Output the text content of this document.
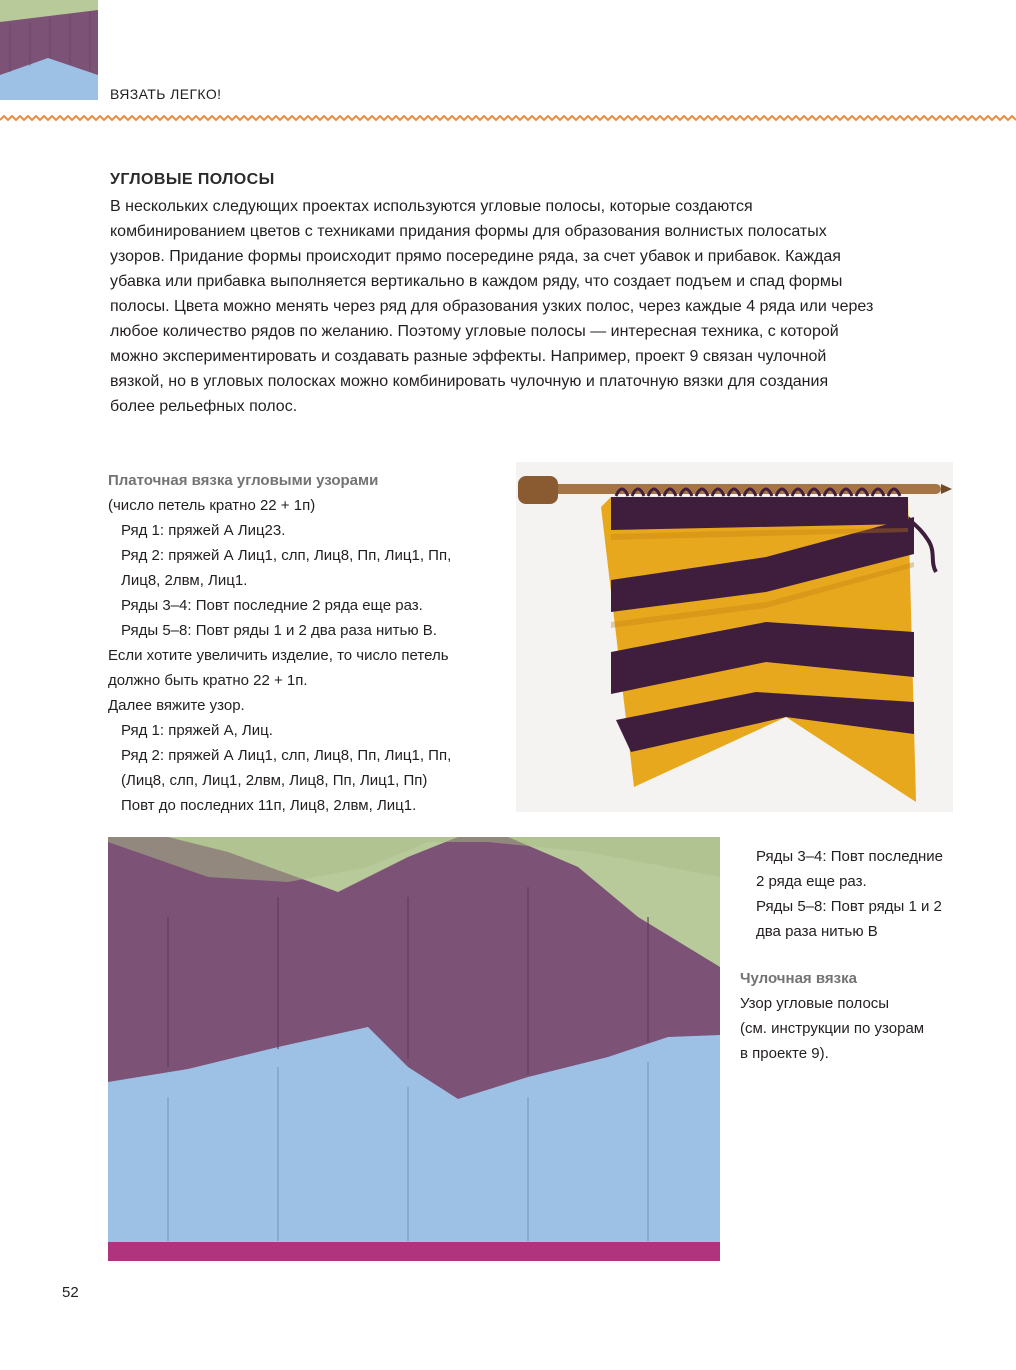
ВЯЗАТЬ ЛЕГКО!
УГЛОВЫЕ ПОЛОСЫ
В нескольких следующих проектах используются угловые полосы, которые создаются
комбинированием цветов с техниками придания формы для образования волнистых полосатых
узоров. Придание формы происходит прямо посередине ряда, за счет убавок и прибавок. Каждая
убавка или прибавка выполняется вертикально в каждом ряду, что создает подъем и спад формы
полосы. Цвета можно менять через ряд для образования узких полос, через каждые 4 ряда или через
любое количество рядов по желанию. Поэтому угловые полосы — интересная техника, с которой
можно экспериментировать и создавать разные эффекты. Например, проект 9 связан чулочной
вязкой, но в угловых полосках можно комбинировать чулочную и платочную вязки для создания
более рельефных полос.
Платочная вязка угловыми узорами
(число петель кратно 22 + 1п)
Ряд 1: пряжей А Лиц23.
Ряд 2: пряжей А Лиц1, слп, Лиц8, Пп, Лиц1, Пп,
Лиц8, 2лвм, Лиц1.
Ряды 3–4: Повт последние 2 ряда еще раз.
Ряды 5–8: Повт ряды 1 и 2 два раза нитью В.
Если хотите увеличить изделие, то число петель
должно быть кратно 22 + 1п.
Далее вяжите узор.
Ряд 1: пряжей А, Лиц.
Ряд 2: пряжей А Лиц1, слп, Лиц8, Пп, Лиц1, Пп,
(Лиц8, слп, Лиц1, 2лвм, Лиц8, Пп, Лиц1, Пп)
Повт до последних 11п, Лиц8, 2лвм, Лиц1.
Ряды 3–4: Повт последние
2 ряда еще раз.
Ряды 5–8: Повт ряды 1 и 2
два раза нитью В
Чулочная вязка
Узор угловые полосы
(см. инструкции по узорам
в проекте 9).
52
